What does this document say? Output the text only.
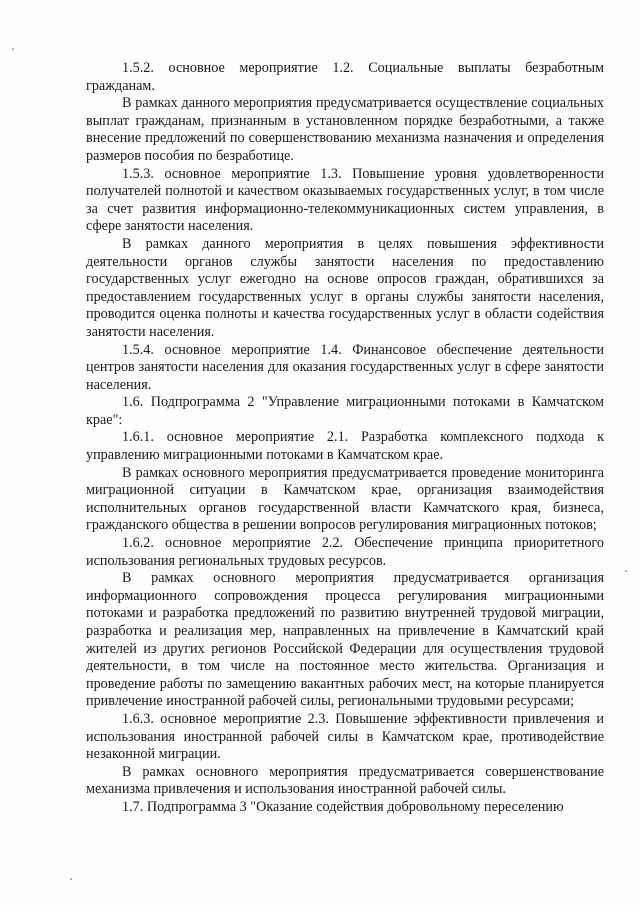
1.5.2. основное мероприятие 1.2. Социальные выплаты безработным гражданам.

В рамках данного мероприятия предусматривается осуществление социальных выплат гражданам, признанным в установленном порядке безработными, а также внесение предложений по совершенствованию механизма назначения и определения размеров пособия по безработице.

1.5.3. основное мероприятие 1.3. Повышение уровня удовлетворенности получателей полнотой и качеством оказываемых государственных услуг, в том числе за счет развития информационно-телекоммуникационных систем управления, в сфере занятости населения.

В рамках данного мероприятия в целях повышения эффективности деятельности органов службы занятости населения по предоставлению государственных услуг ежегодно на основе опросов граждан, обратившихся за предоставлением государственных услуг в органы службы занятости населения, проводится оценка полноты и качества государственных услуг в области содействия занятости населения.

1.5.4. основное мероприятие 1.4. Финансовое обеспечение деятельности центров занятости населения для оказания государственных услуг в сфере занятости населения.

1.6. Подпрограмма 2 "Управление миграционными потоками в Камчатском крае":

1.6.1. основное мероприятие 2.1. Разработка комплексного подхода к управлению миграционными потоками в Камчатском крае.

В рамках основного мероприятия предусматривается проведение мониторинга миграционной ситуации в Камчатском крае, организация взаимодействия исполнительных органов государственной власти Камчатского края, бизнеса, гражданского общества в решении вопросов регулирования миграционных потоков;

1.6.2. основное мероприятие 2.2. Обеспечение принципа приоритетного использования региональных трудовых ресурсов.

В рамках основного мероприятия предусматривается организация информационного сопровождения процесса регулирования миграционными потоками и разработка предложений по развитию внутренней трудовой миграции, разработка и реализация мер, направленных на привлечение в Камчатский край жителей из других регионов Российской Федерации для осуществления трудовой деятельности, в том числе на постоянное место жительства. Организация и проведение работы по замещению вакантных рабочих мест, на которые планируется привлечение иностранной рабочей силы, региональными трудовыми ресурсами;

1.6.3. основное мероприятие 2.3. Повышение эффективности привлечения и использования иностранной рабочей силы в Камчатском крае, противодействие незаконной миграции.

В рамках основного мероприятия предусматривается совершенствование механизма привлечения и использования иностранной рабочей силы.

1.7. Подпрограмма 3 "Оказание содействия добровольному переселению
